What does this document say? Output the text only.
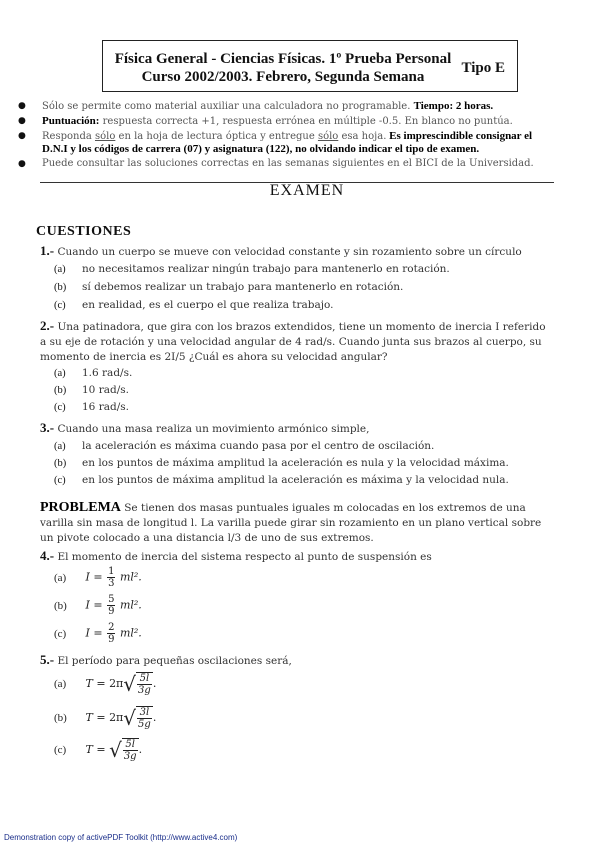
Física General - Ciencias Físicas. 1º Prueba Personal
Curso 2002/2003. Febrero, Segunda Semana
Tipo E
● Sólo se permite como material auxiliar una calculadora no programable. Tiempo: 2 horas.
● Puntuación: respuesta correcta +1, respuesta errónea en múltiple -0.5. En blanco no puntúa.
● Responda sólo en la hoja de lectura óptica y entregue sólo esa hoja. Es imprescindible consignar el D.N.I y los códigos de carrera (07) y asignatura (122), no olvidando indicar el tipo de examen.
● Puede consultar las soluciones correctas en las semanas siguientes en el BICI de la Universidad.
EXAMEN
CUESTIONES
1.- Cuando un cuerpo se mueve con velocidad constante y sin rozamiento sobre un círculo
(a) no necesitamos realizar ningún trabajo para mantenerlo en rotación.
(b) sí debemos realizar un trabajo para mantenerlo en rotación.
(c) en realidad, es el cuerpo el que realiza trabajo.
2.- Una patinadora, que gira con los brazos extendidos, tiene un momento de inercia I referido a su eje de rotación y una velocidad angular de 4 rad/s. Cuando junta sus brazos al cuerpo, su momento de inercia es 2I/5 ¿Cuál es ahora su velocidad angular?
(a) 1.6 rad/s.
(b) 10 rad/s.
(c) 16 rad/s.
3.- Cuando una masa realiza un movimiento armónico simple,
(a) la aceleración es máxima cuando pasa por el centro de oscilación.
(b) en los puntos de máxima amplitud la aceleración es nula y la velocidad máxima.
(c) en los puntos de máxima amplitud la aceleración es máxima y la velocidad nula.
PROBLEMA Se tienen dos masas puntuales iguales m colocadas en los extremos de una varilla sin masa de longitud l. La varilla puede girar sin rozamiento en un plano vertical sobre un pivote colocado a una distancia l/3 de uno de sus extremos.
4.- El momento de inercia del sistema respecto al punto de suspensión es
(a) $I = \frac{1}{3} ml^2$.
(b) $I = \frac{5}{9} ml^2$.
(c) $I = \frac{2}{9} ml^2$.
5.- El período para pequeñas oscilaciones será,
(a) $T = 2\pi√ \frac{5l}{3g}$ .
(b) $T = 2\pi√ \frac{3l}{5g}$ .
(c) T = √ $\frac{5l}{3g}$ .
Demonstration copy of activePDF Toolkit (http://www.active4.com)
